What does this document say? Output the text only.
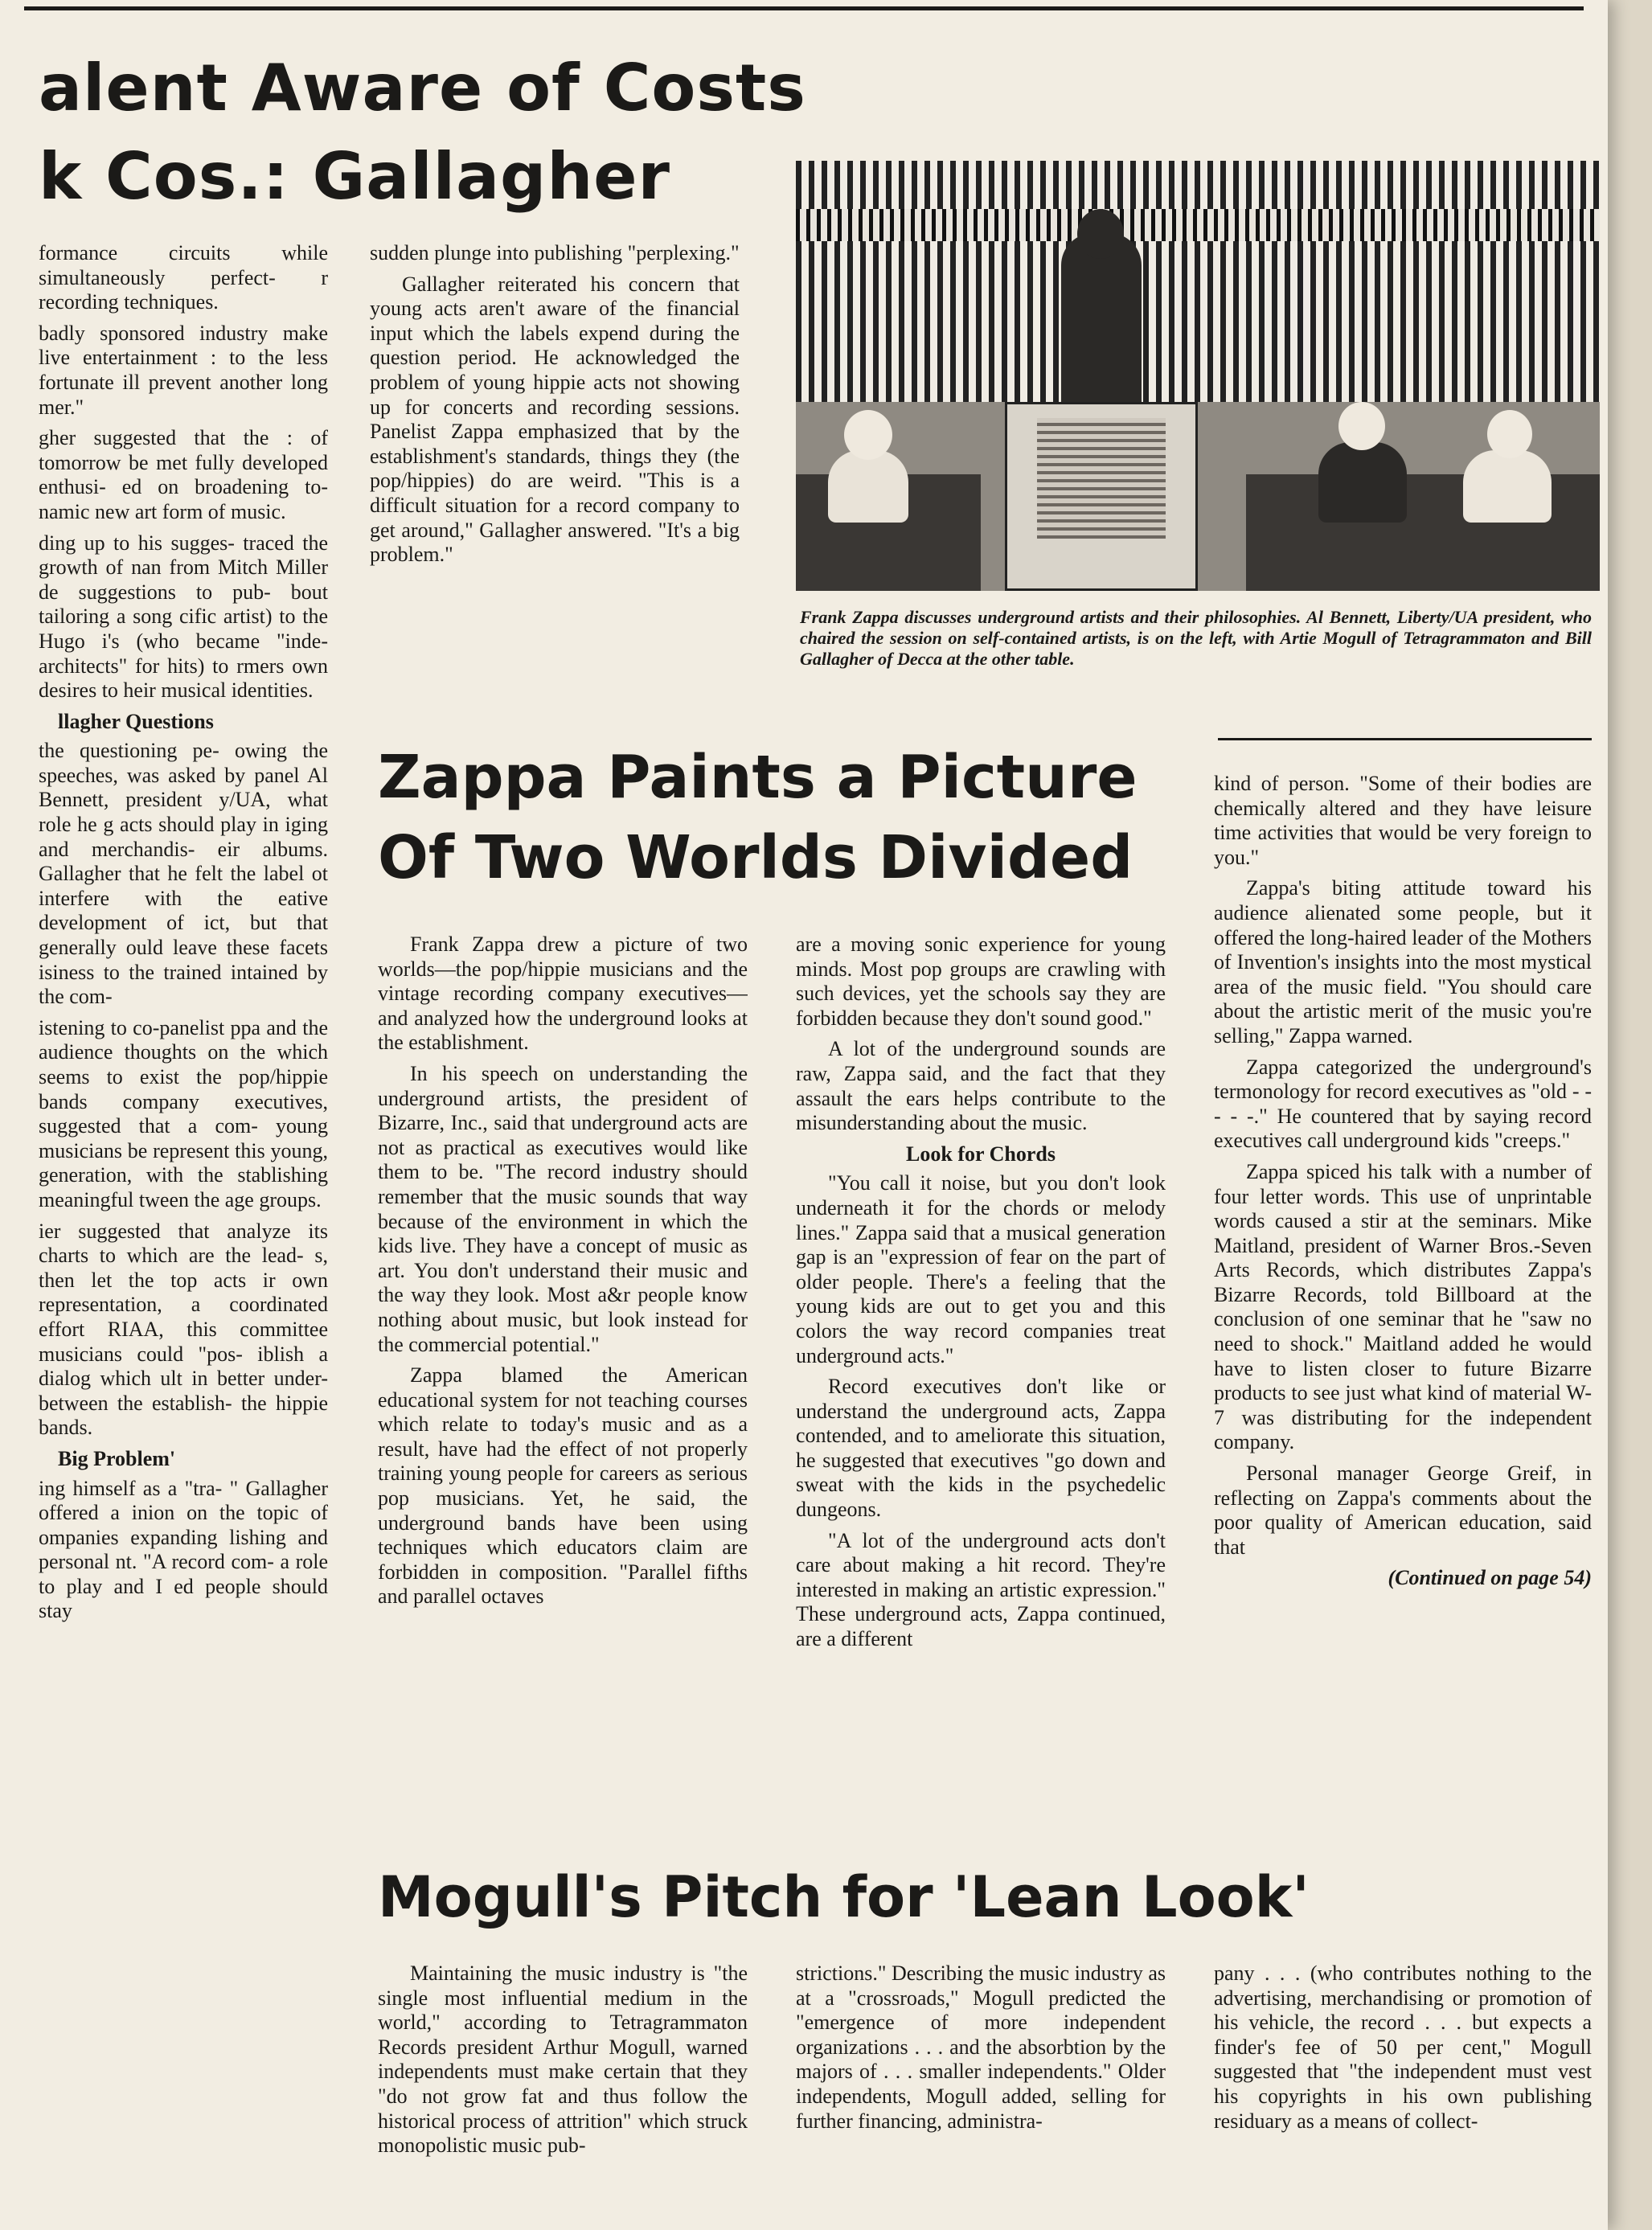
alent Aware of Costs
k Cos.: Gallagher

formance circuits while simultaneously perfect- r recording techniques.

badly sponsored industry make live entertainment : to the less fortunate ill prevent another long mer."

gher suggested that the : of tomorrow be met fully developed enthusi- ed on broadening to- namic new art form of music.

ding up to his sugges- traced the growth of nan from Mitch Miller de suggestions to pub- bout tailoring a song cific artist) to the Hugo i's (who became "inde- architects" for hits) to rmers own desires to heir musical identities.

llagher Questions

the questioning pe- owing the speeches, was asked by panel Al Bennett, president y/UA, what role he g acts should play in iging and merchandis- eir albums. Gallagher that he felt the label ot interfere with the eative development of ict, but that generally ould leave these facets isiness to the trained intained by the com-

istening to co-panelist ppa and the audience thoughts on the which seems to exist the pop/hippie bands company executives, suggested that a com- young musicians be represent this young, generation, with the stablishing meaningful tween the age groups.

ier suggested that analyze its charts to which are the lead- s, then let the top acts ir own representation, a coordinated effort RIAA, this committee musicians could "pos- iblish a dialog which ult in better under- between the establish- the hippie bands.

Big Problem'

ing himself as a "tra- " Gallagher offered a inion on the topic of ompanies expanding lishing and personal nt. "A record com- a role to play and I ed people should stay

sudden plunge into publishing "perplexing."

Gallagher reiterated his concern that young acts aren't aware of the financial input which the labels expend during the question period. He acknowledged the problem of young hippie acts not showing up for concerts and recording sessions. Panelist Zappa emphasized that by the establishment's standards, things they (the pop/hippies) do are weird. "This is a difficult situation for a record company to get around," Gallagher answered. "It's a big problem."

Frank Zappa discusses underground artists and their philosophies. Al Bennett, Liberty/UA president, who chaired the session on self-contained artists, is on the left, with Artie Mogull of Tetragrammaton and Bill Gallagher of Decca at the other table.
Zappa Paints a Picture
Of Two Worlds Divided

Frank Zappa drew a picture of two worlds—the pop/hippie musicians and the vintage recording company executives—and analyzed how the underground looks at the establishment.

In his speech on understanding the underground artists, the president of Bizarre, Inc., said that underground acts are not as practical as executives would like them to be. "The record industry should remember that the music sounds that way because of the environment in which the kids live. They have a concept of music as art. You don't understand their music and the way they look. Most a&r people know nothing about music, but look instead for the commercial potential."

Zappa blamed the American educational system for not teaching courses which relate to today's music and as a result, have had the effect of not properly training young people for careers as serious pop musicians. Yet, he said, the underground bands have been using techniques which educators claim are forbidden in composition. "Parallel fifths and parallel octaves

are a moving sonic experience for young minds. Most pop groups are crawling with such devices, yet the schools say they are forbidden because they don't sound good."

A lot of the underground sounds are raw, Zappa said, and the fact that they assault the ears helps contribute to the misunderstanding about the music.

Look for Chords

"You call it noise, but you don't look underneath it for the chords or melody lines." Zappa said that a musical generation gap is an "expression of fear on the part of older people. There's a feeling that the young kids are out to get you and this colors the way record companies treat underground acts."

Record executives don't like or understand the underground acts, Zappa contended, and to ameliorate this situation, he suggested that executives "go down and sweat with the kids in the psychedelic dungeons.

"A lot of the underground acts don't care about making a hit record. They're interested in making an artistic expression." These underground acts, Zappa continued, are a different

kind of person. "Some of their bodies are chemically altered and they have leisure time activities that would be very foreign to you."

Zappa's biting attitude toward his audience alienated some people, but it offered the long-haired leader of the Mothers of Invention's insights into the most mystical area of the music field. "You should care about the artistic merit of the music you're selling," Zappa warned.

Zappa categorized the underground's termonology for record executives as "old - - - - -." He countered that by saying record executives call underground kids "creeps."

Zappa spiced his talk with a number of four letter words. This use of unprintable words caused a stir at the seminars. Mike Maitland, president of Warner Bros.-Seven Arts Records, which distributes Zappa's Bizarre Records, told Billboard at the conclusion of one seminar that he "saw no need to shock." Maitland added he would have to listen closer to future Bizarre products to see just what kind of material W-7 was distributing for the independent company.

Personal manager George Greif, in reflecting on Zappa's comments about the poor quality of American education, said that

(Continued on page 54)

Mogull's Pitch for 'Lean Look'

Maintaining the music industry is "the single most influential medium in the world," according to Tetragrammaton Records president Arthur Mogull, warned independents must make certain that they "do not grow fat and thus follow the historical process of attrition" which struck monopolistic music pub-

strictions." Describing the music industry as at a "crossroads," Mogull predicted the "emergence of more independent organizations . . . and the absorbtion by the majors of . . . smaller independents." Older independents, Mogull added, selling for further financing, administra-

pany . . . (who contributes nothing to the advertising, merchandising or promotion of his vehicle, the record . . . but expects a finder's fee of 50 per cent," Mogull suggested that "the independent must vest his copyrights in his own publishing residuary as a means of collect-
